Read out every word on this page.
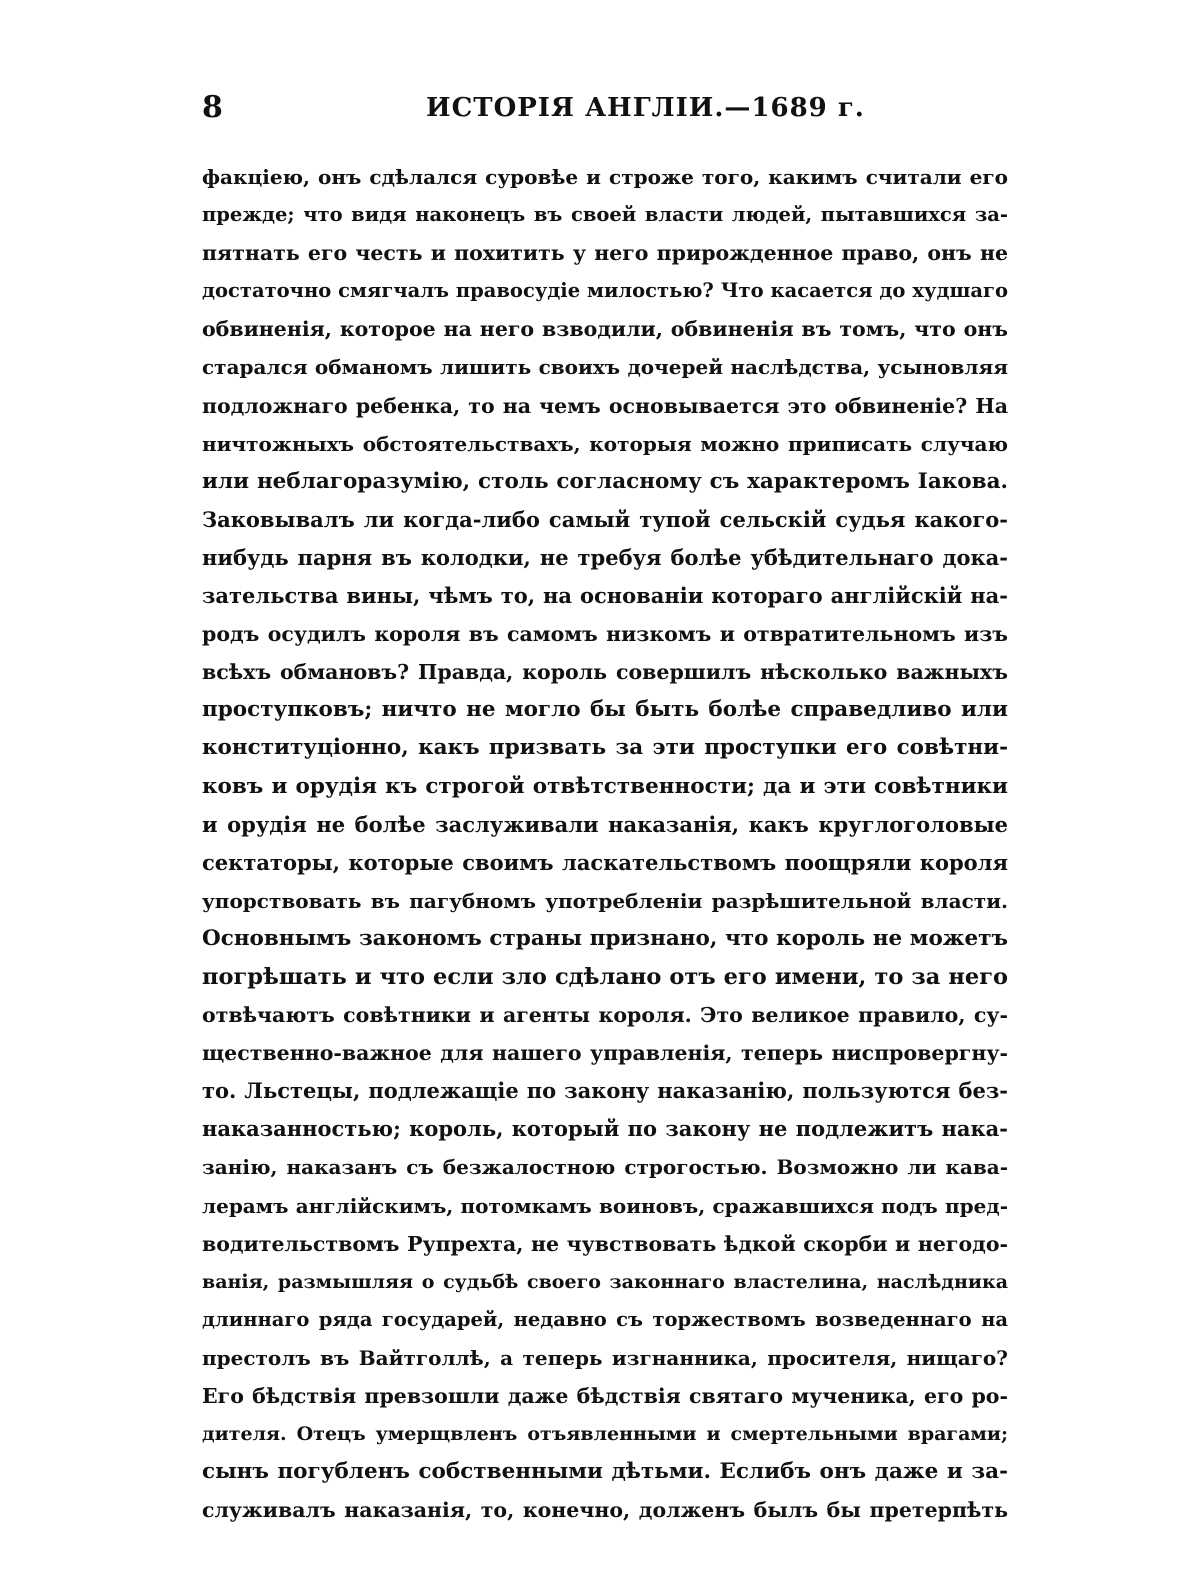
8	ИСТОРІЯ АНГЛІИ.—1689 г.
факціею, онъ сдѣлался суровѣе и строже того, какимъ считали его
прежде; что видя наконецъ въ своей власти людей, пытавшихся за-
пятнать его честь и похитить у него прирожденное право, онъ не
достаточно смягчалъ правосудіе милостью? Что касается до худшаго
обвиненія, которое на него взводили, обвиненія въ томъ, что онъ
старался обманомъ лишить своихъ дочерей наслѣдства, усыновляя
подложнаго ребенка, то на чемъ основывается это обвиненіе? На
ничтожныхъ обстоятельствахъ, которыя можно приписать случаю
или неблагоразумію, столь согласному съ характеромъ Іакова.
Заковывалъ ли когда-либо самый тупой сельскій судья какого-
нибудь парня въ колодки, не требуя болѣе убѣдительнаго дока-
зательства вины, чѣмъ то, на основаніи котораго англійскій на-
родъ осудилъ короля въ самомъ низкомъ и отвратительномъ изъ
всѣхъ обмановъ? Правда, король совершилъ нѣсколько важныхъ
проступковъ; ничто не могло бы быть болѣе справедливо или
конституціонно, какъ призвать за эти проступки его совѣтни-
ковъ и орудія къ строгой отвѣтственности; да и эти совѣтники
и орудія не болѣе заслуживали наказанія, какъ круглоголовые
сектаторы, которые своимъ ласкательствомъ поощряли короля
упорствовать въ пагубномъ употребленіи разрѣшительной власти.
Основнымъ закономъ страны признано, что король не можетъ
погрѣшать и что если зло сдѣлано отъ его имени, то за него
отвѣчаютъ совѣтники и агенты короля. Это великое правило, су-
щественно-важное для нашего управленія, теперь ниспровергну-
то. Льстецы, подлежащіе по закону наказанію, пользуются без-
наказанностью; король, который по закону не подлежитъ нака-
занію, наказанъ съ безжалостною строгостью. Возможно ли кава-
лерамъ англійскимъ, потомкамъ воиновъ, сражавшихся подъ пред-
водительствомъ Рупрехта, не чувствовать ѣдкой скорби и негодо-
ванія, размышляя о судьбѣ своего законнаго властелина, наслѣдника
длиннаго ряда государей, недавно съ торжествомъ возведеннаго на
престолъ въ Вайтголлѣ, а теперь изгнанника, просителя, нищаго?
Его бѣдствія превзошли даже бѣдствія святаго мученика, его ро-
дителя. Отецъ умерщвленъ отъявленными и смертельными врагами;
сынъ погубленъ собственными дѣтьми. Еслибъ онъ даже и за-
служивалъ наказанія, то, конечно, долженъ былъ бы претерпѣть
